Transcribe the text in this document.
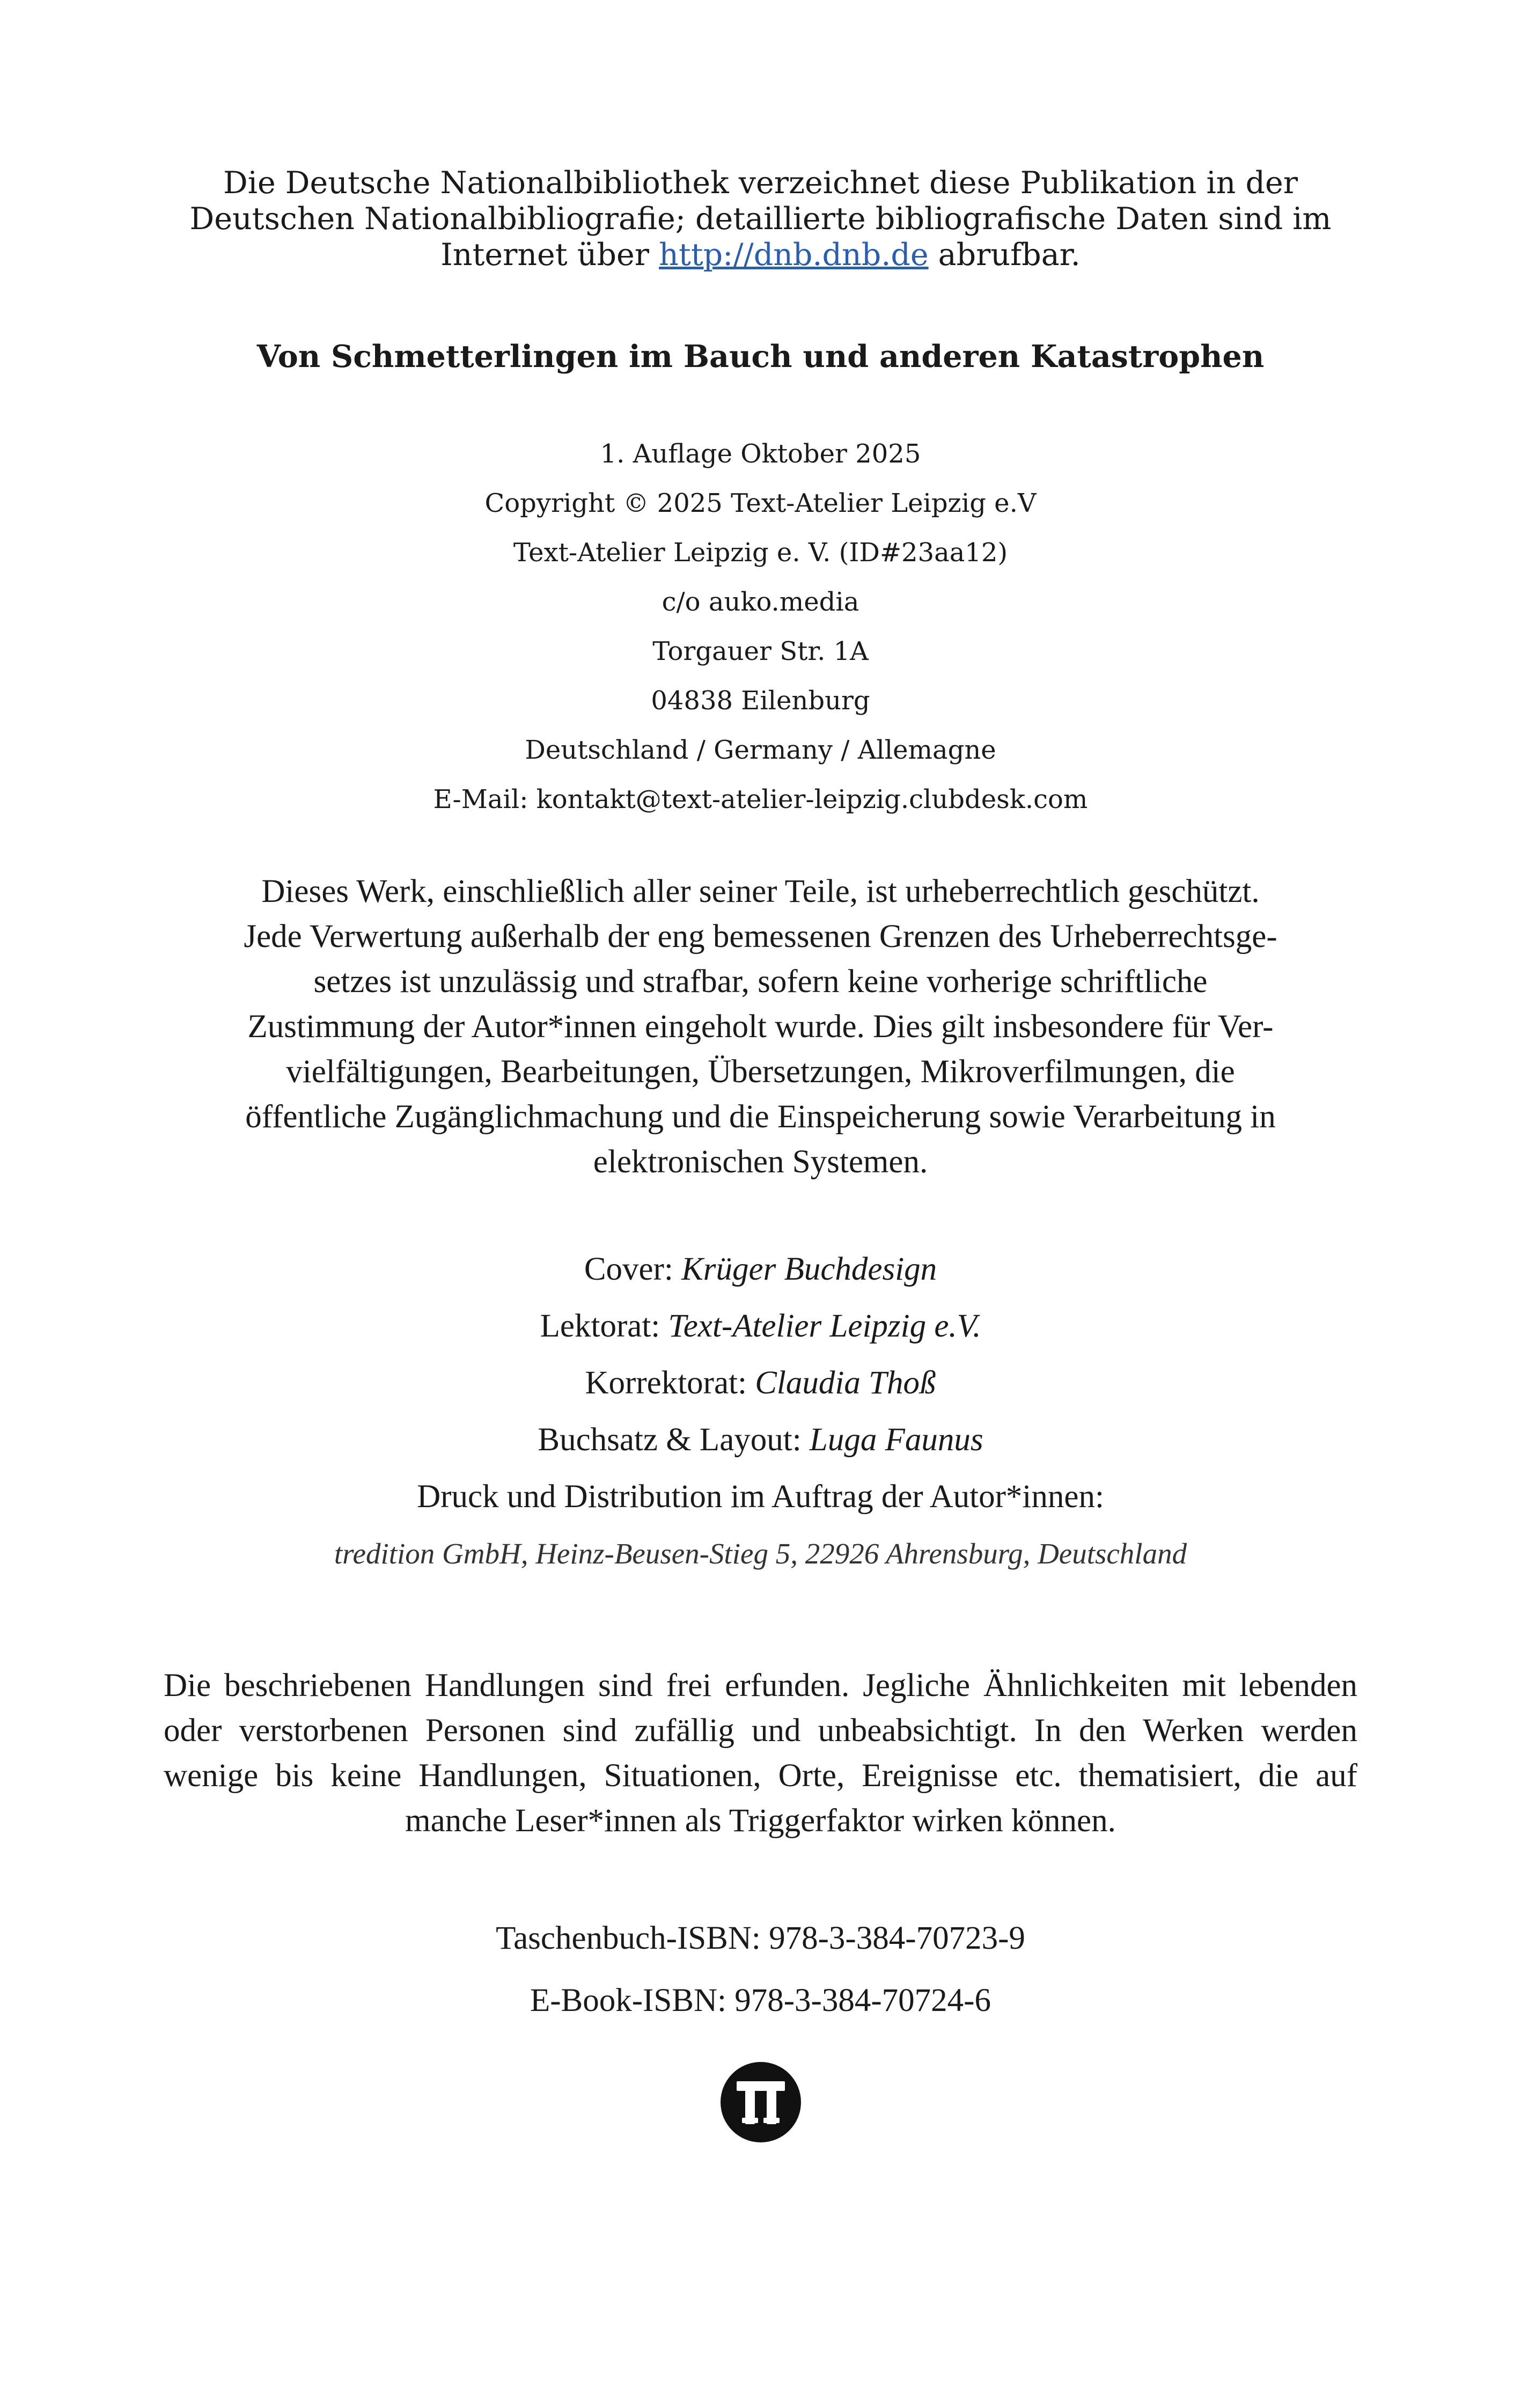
Die Deutsche Nationalbibliothek verzeichnet diese Publikation in der
Deutschen Nationalbibliografie; detaillierte bibliografische Daten sind im
Internet über http://dnb.dnb.de abrufbar.
Von Schmetterlingen im Bauch und anderen Katastrophen
1. Auflage Oktober 2025
Copyright © 2025 Text-Atelier Leipzig e.V
Text-Atelier Leipzig e. V. (ID#23aa12)
c/o auko.media
Torgauer Str. 1A
04838 Eilenburg
Deutschland / Germany / Allemagne
E-Mail: kontakt@text-atelier-leipzig.clubdesk.com
Dieses Werk, einschließlich aller seiner Teile, ist urheberrechtlich geschützt.
Jede Verwertung außerhalb der eng bemessenen Grenzen des Urheberrechtsge-
setzes ist unzulässig und strafbar, sofern keine vorherige schriftliche
Zustimmung der Autor*innen eingeholt wurde. Dies gilt insbesondere für Ver-
vielfältigungen, Bearbeitungen, Übersetzungen, Mikroverfilmungen, die
öffentliche Zugänglichmachung und die Einspeicherung sowie Verarbeitung in
elektronischen Systemen.
Cover: Krüger Buchdesign
Lektorat: Text-Atelier Leipzig e.V.
Korrektorat: Claudia Thoß
Buchsatz & Layout: Luga Faunus
Druck und Distribution im Auftrag der Autor*innen:
tredition GmbH, Heinz-Beusen-Stieg 5, 22926 Ahrensburg, Deutschland
Die beschriebenen Handlungen sind frei erfunden. Jegliche Ähnlichkeiten mit lebenden oder verstorbenen Personen sind zufällig und unbeabsichtigt. In den Werken werden wenige bis keine Handlungen, Situationen, Orte, Ereignisse etc. thematisiert, die auf manche Leser*innen als Triggerfaktor wirken können.
Taschenbuch-ISBN: 978-3-384-70723-9
E-Book-ISBN: 978-3-384-70724-6
